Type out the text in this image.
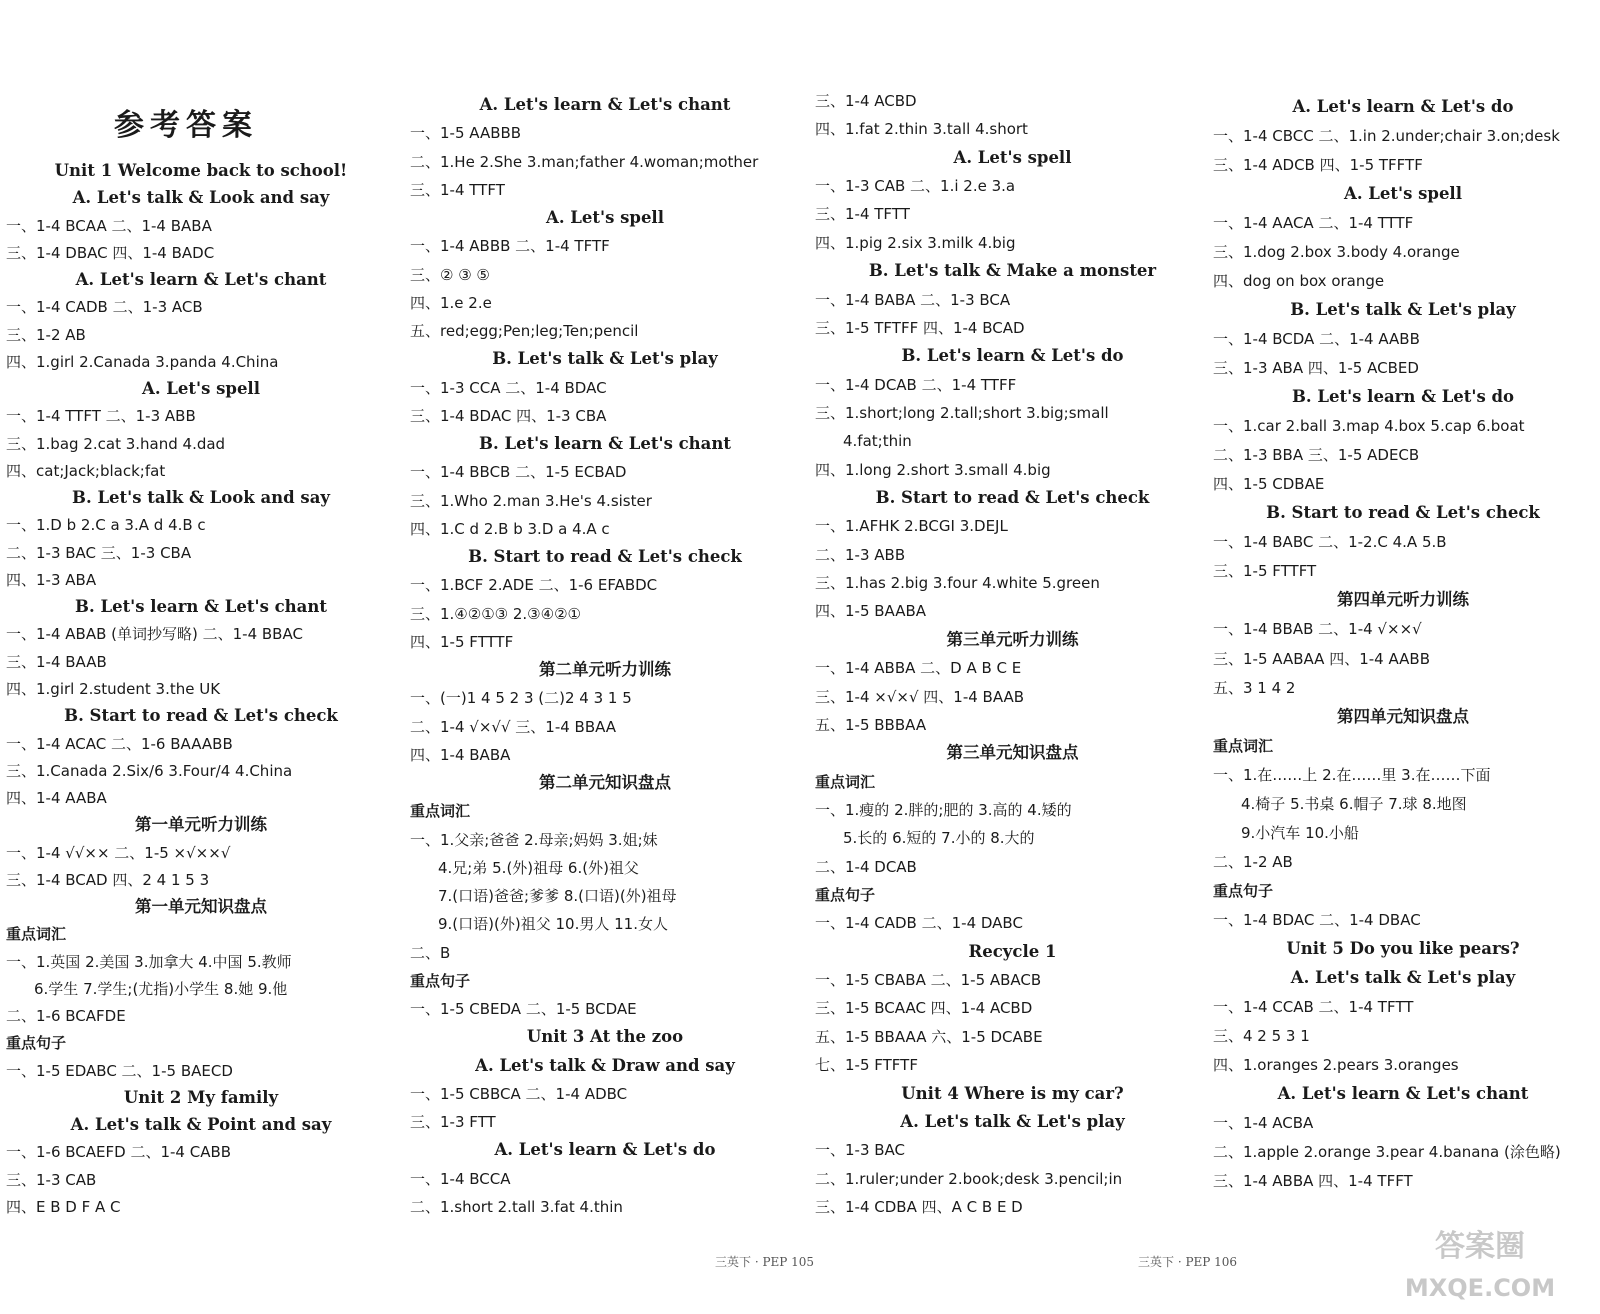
参考答案
Unit 1 Welcome back to school!
A. Let's talk & Look and say
一、1-4 BCAA 二、1-4 BABA
三、1-4 DBAC 四、1-4 BADC
A. Let's learn & Let's chant
一、1-4 CADB 二、1-3 ACB
三、1-2 AB
四、1.girl 2.Canada 3.panda 4.China
A. Let's spell
一、1-4 TTFT 二、1-3 ABB
三、1.bag 2.cat 3.hand 4.dad
四、cat;Jack;black;fat
B. Let's talk & Look and say
一、1.D b 2.C a 3.A d 4.B c
二、1-3 BAC 三、1-3 CBA
四、1-3 ABA
B. Let's learn & Let's chant
一、1-4 ABAB (单词抄写略) 二、1-4 BBAC
三、1-4 BAAB
四、1.girl 2.student 3.the UK
B. Start to read & Let's check
一、1-4 ACAC 二、1-6 BAAABB
三、1.Canada 2.Six/6 3.Four/4 4.China
四、1-4 AABA
第一单元听力训练
一、1-4 √√×× 二、1-5 ×√××√
三、1-4 BCAD 四、2 4 1 5 3
第一单元知识盘点
重点词汇
一、1.英国 2.美国 3.加拿大 4.中国 5.教师
6.学生 7.学生;(尤指)小学生 8.她 9.他
二、1-6 BCAFDE
重点句子
一、1-5 EDABC 二、1-5 BAECD
Unit 2 My family
A. Let's talk & Point and say
一、1-6 BCAEFD 二、1-4 CABB
三、1-3 CAB
四、E B D F A C
A. Let's learn & Let's chant
一、1-5 AABBB
二、1.He 2.She 3.man;father 4.woman;mother
三、1-4 TTFT
A. Let's spell
一、1-4 ABBB 二、1-4 TFTF
三、② ③ ⑤
四、1.e 2.e
五、red;egg;Pen;leg;Ten;pencil
B. Let's talk & Let's play
一、1-3 CCA 二、1-4 BDAC
三、1-4 BDAC 四、1-3 CBA
B. Let's learn & Let's chant
一、1-4 BBCB 二、1-5 ECBAD
三、1.Who 2.man 3.He's 4.sister
四、1.C d 2.B b 3.D a 4.A c
B. Start to read & Let's check
一、1.BCF 2.ADE 二、1-6 EFABDC
三、1.④②①③ 2.③④②①
四、1-5 FTTTF
第二单元听力训练
一、(一)1 4 5 2 3 (二)2 4 3 1 5
二、1-4 √×√√ 三、1-4 BBAA
四、1-4 BABA
第二单元知识盘点
重点词汇
一、1.父亲;爸爸 2.母亲;妈妈 3.姐;妹
4.兄;弟 5.(外)祖母 6.(外)祖父
7.(口语)爸爸;爹爹 8.(口语)(外)祖母
9.(口语)(外)祖父 10.男人 11.女人
二、B
重点句子
一、1-5 CBEDA 二、1-5 BCDAE
Unit 3 At the zoo
A. Let's talk & Draw and say
一、1-5 CBBCA 二、1-4 ADBC
三、1-3 FTT
A. Let's learn & Let's do
一、1-4 BCCA
二、1.short 2.tall 3.fat 4.thin
三、1-4 ACBD
四、1.fat 2.thin 3.tall 4.short
A. Let's spell
一、1-3 CAB 二、1.i 2.e 3.a
三、1-4 TFTT
四、1.pig 2.six 3.milk 4.big
B. Let's talk & Make a monster
一、1-4 BABA 二、1-3 BCA
三、1-5 TFTFF 四、1-4 BCAD
B. Let's learn & Let's do
一、1-4 DCAB 二、1-4 TTFF
三、1.short;long 2.tall;short 3.big;small
4.fat;thin
四、1.long 2.short 3.small 4.big
B. Start to read & Let's check
一、1.AFHK 2.BCGI 3.DEJL
二、1-3 ABB
三、1.has 2.big 3.four 4.white 5.green
四、1-5 BAABA
第三单元听力训练
一、1-4 ABBA 二、D A B C E
三、1-4 ×√×√ 四、1-4 BAAB
五、1-5 BBBAA
第三单元知识盘点
重点词汇
一、1.瘦的 2.胖的;肥的 3.高的 4.矮的
5.长的 6.短的 7.小的 8.大的
二、1-4 DCAB
重点句子
一、1-4 CADB 二、1-4 DABC
Recycle 1
一、1-5 CBABA 二、1-5 ABACB
三、1-5 BCAAC 四、1-4 ACBD
五、1-5 BBAAA 六、1-5 DCABE
七、1-5 FTFTF
Unit 4 Where is my car?
A. Let's talk & Let's play
一、1-3 BAC
二、1.ruler;under 2.book;desk 3.pencil;in
三、1-4 CDBA 四、A C B E D
A. Let's learn & Let's do
一、1-4 CBCC 二、1.in 2.under;chair 3.on;desk
三、1-4 ADCB 四、1-5 TFFTF
A. Let's spell
一、1-4 AACA 二、1-4 TTTF
三、1.dog 2.box 3.body 4.orange
四、dog on box orange
B. Let's talk & Let's play
一、1-4 BCDA 二、1-4 AABB
三、1-3 ABA 四、1-5 ACBED
B. Let's learn & Let's do
一、1.car 2.ball 3.map 4.box 5.cap 6.boat
二、1-3 BBA 三、1-5 ADECB
四、1-5 CDBAE
B. Start to read & Let's check
一、1-4 BABC 二、1-2.C 4.A 5.B
三、1-5 FTTFT
第四单元听力训练
一、1-4 BBAB 二、1-4 √××√
三、1-5 AABAA 四、1-4 AABB
五、3 1 4 2
第四单元知识盘点
重点词汇
一、1.在……上 2.在……里 3.在……下面
4.椅子 5.书桌 6.帽子 7.球 8.地图
9.小汽车 10.小船
二、1-2 AB
重点句子
一、1-4 BDAC 二、1-4 DBAC
Unit 5 Do you like pears?
A. Let's talk & Let's play
一、1-4 CCAB 二、1-4 TFTT
三、4 2 5 3 1
四、1.oranges 2.pears 3.oranges
A. Let's learn & Let's chant
一、1-4 ACBA
二、1.apple 2.orange 3.pear 4.banana (涂色略)
三、1-4 ABBA 四、1-4 TFFT
三英下 · PEP 105	三英下 · PEP 106	答案圈
MXQE.COM
